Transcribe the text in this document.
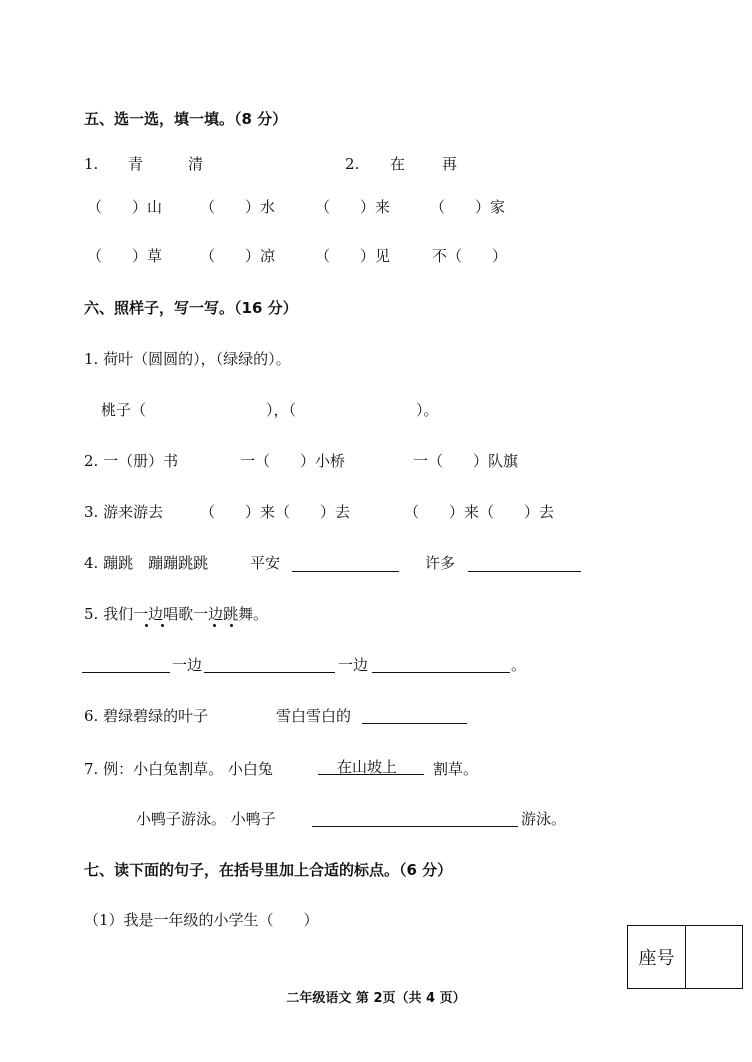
五、选一选，填一填。（8 分）
1. 青	清	2. 在 再
（　　）山	（　　）水	（　　）来	（　　）家
（　　）草	（　　）凉	（　　）见	不（　　）
六、照样子，写一写。（16 分）
1. 荷叶（圆圆的），（绿绿的）。
桃子（　　　　　　　　），（　　　　　　　　）。
2. 一（册）书	一（　　）小桥	一（　　）队旗
3. 游来游去 （　　）来（　　）去	（　　）来（　　）去
4. 蹦跳　蹦蹦跳跳	平安	许多
5. 我们一边唱歌一边跳舞。
一边	一边	。
6. 碧绿碧绿的叶子	雪白雪白的
7. 例：小白兔割草。 小白兔	在山坡上 割草。
小鸭子游泳。 小鸭子	游泳。
七、读下面的句子，在括号里加上合适的标点。（6 分）
（1）我是一年级的小学生（　　）
座号
二年级语文 第 2页（共 4 页）
